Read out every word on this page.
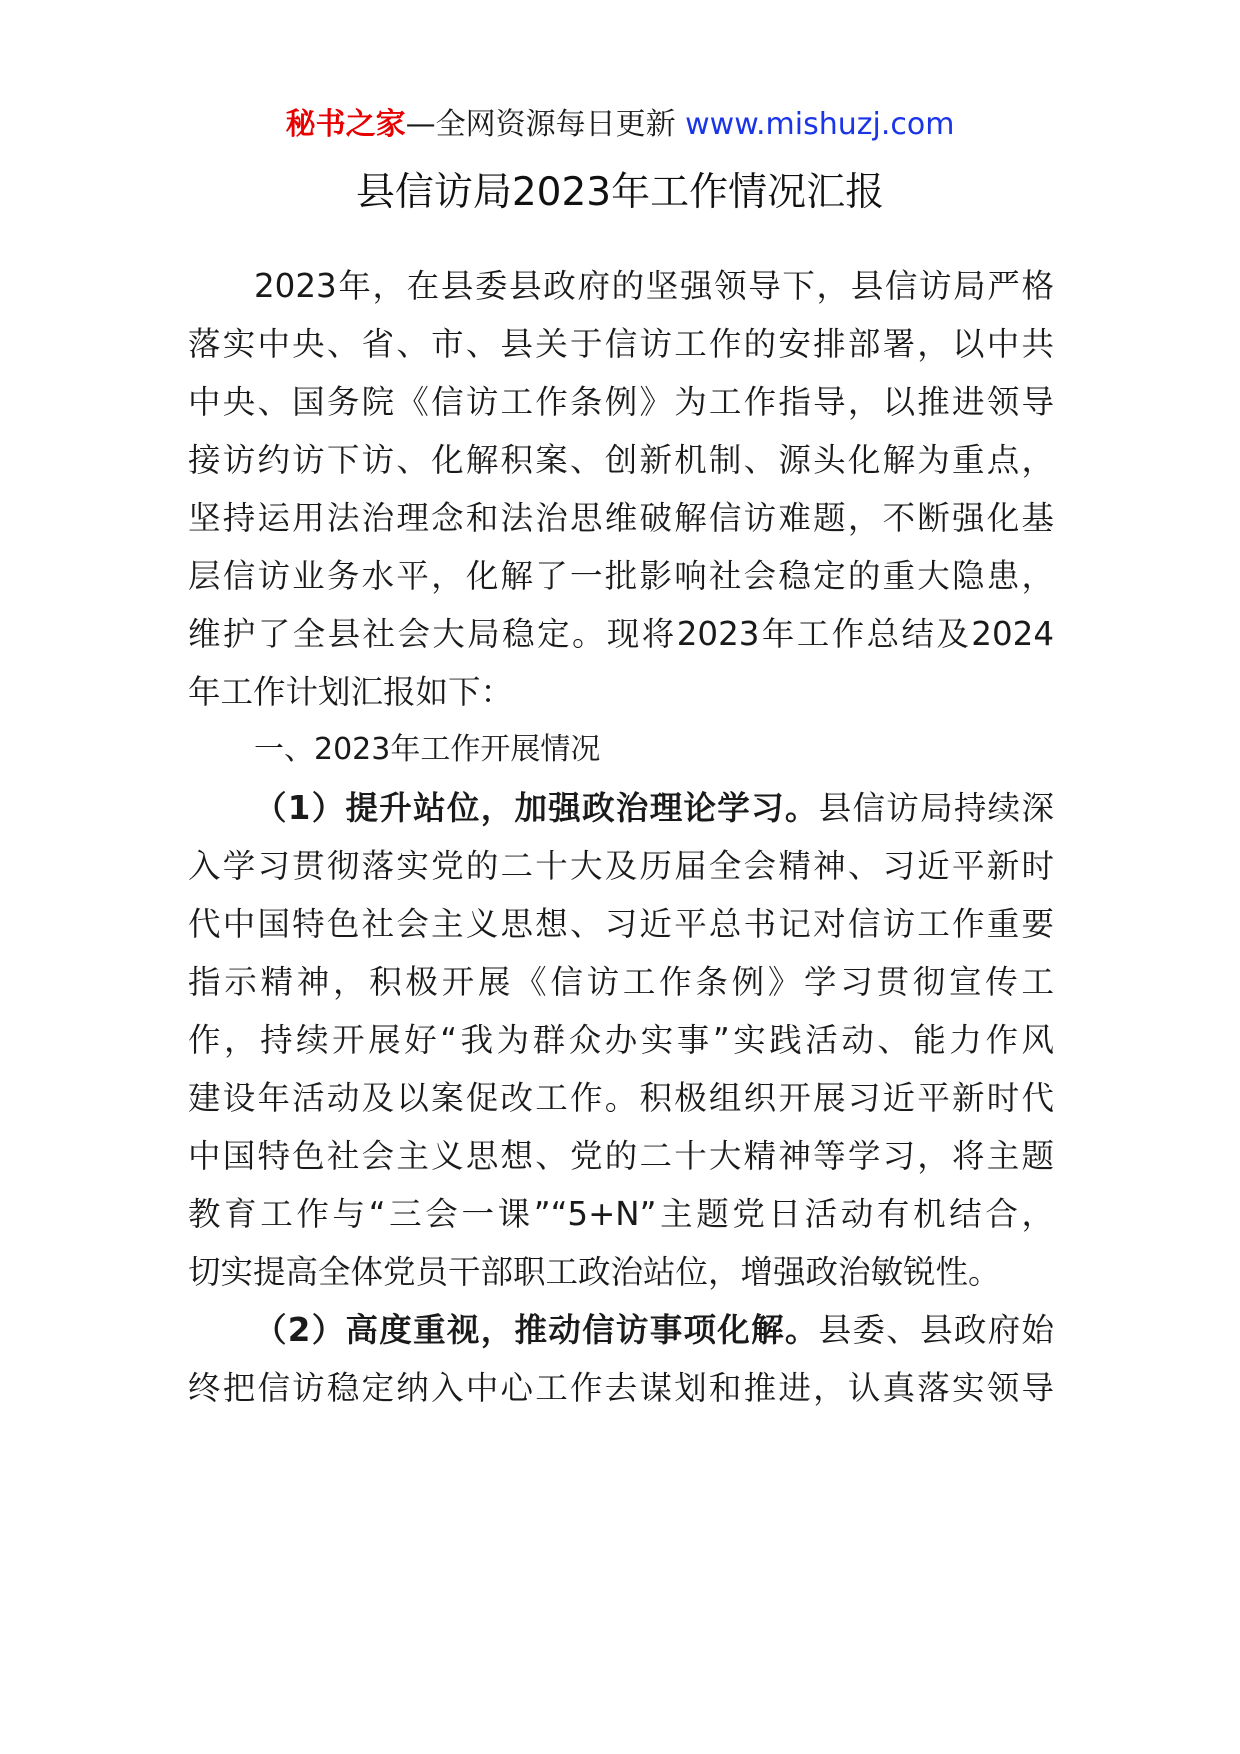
秘书之家—全网资源每日更新 www.mishuzj.com
县信访局2023年工作情况汇报
2023年，在县委县政府的坚强领导下，县信访局严格
落实中央、省、市、县关于信访工作的安排部署，以中共
中央、国务院《信访工作条例》为工作指导，以推进领导
接访约访下访、化解积案、创新机制、源头化解为重点，
坚持运用法治理念和法治思维破解信访难题，不断强化基
层信访业务水平，化解了一批影响社会稳定的重大隐患，
维护了全县社会大局稳定。现将2023年工作总结及2024
年工作计划汇报如下：
一、2023年工作开展情况
（1）提升站位，加强政治理论学习。县信访局持续深
入学习贯彻落实党的二十大及历届全会精神、习近平新时
代中国特色社会主义思想、习近平总书记对信访工作重要
指示精神，积极开展《信访工作条例》学习贯彻宣传工
作，持续开展好“我为群众办实事”实践活动、能力作风
建设年活动及以案促改工作。积极组织开展习近平新时代
中国特色社会主义思想、党的二十大精神等学习，将主题
教育工作与“三会一课”“5+N”主题党日活动有机结合，
切实提高全体党员干部职工政治站位，增强政治敏锐性。
（2）高度重视，推动信访事项化解。县委、县政府始
终把信访稳定纳入中心工作去谋划和推进，认真落实领导
